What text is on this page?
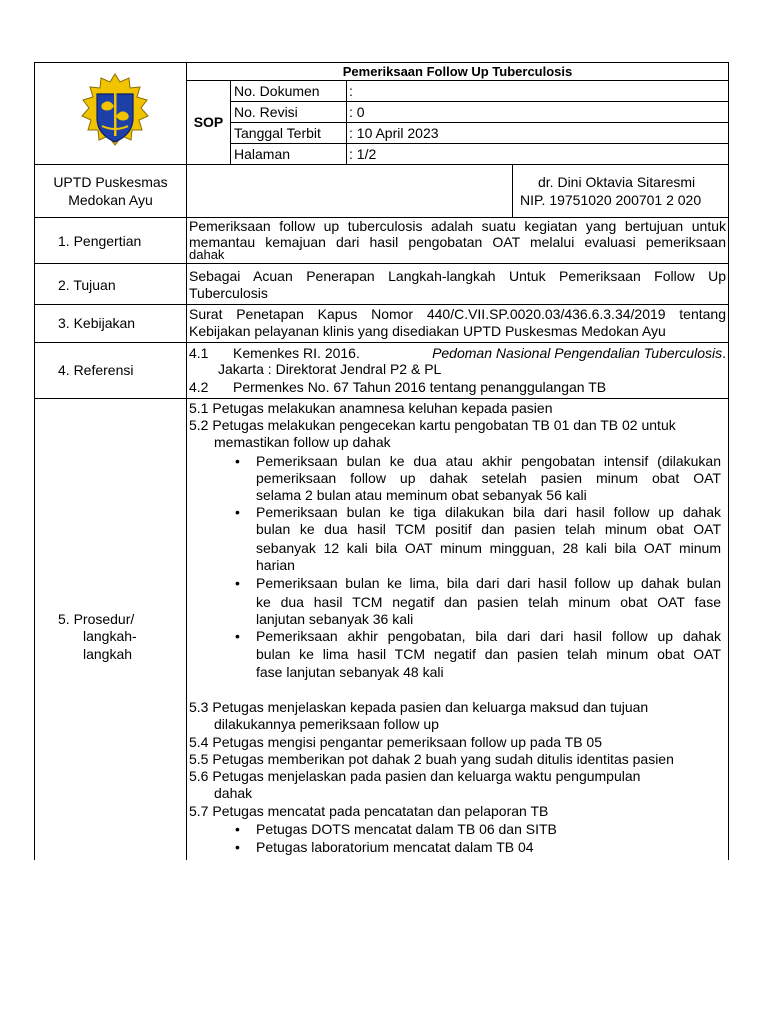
Pemeriksaan Follow Up Tuberculosis
SOP
No. Dokumen :
No. Revisi	: 0
Tanggal Terbit : 10 April 2023
Halaman	: 1/2
UPTD Puskesmas
Medokan Ayu
dr. Dini Oktavia Sitaresmi
NIP. 19751020 200701 2 020
1. Pengertian
Pemeriksaan follow up tuberculosis adalah suatu kegiatan yang bertujuan untuk
memantau kemajuan dari hasil pengobatan OAT melalui evaluasi pemeriksaan
dahak
2. Tujuan
Sebagai Acuan Penerapan Langkah-langkah Untuk Pemeriksaan Follow Up
Tuberculosis
3. Kebijakan
Surat Penetapan Kapus Nomor 440/C.VII.SP.0020.03/436.6.3.34/2019 tentang
Kebijakan pelayanan klinis yang disediakan UPTD Puskesmas Medokan Ayu
4. Referensi
4.1 Kemenkes RI. 2016.	Pedoman Nasional Pengendalian Tuberculosis.
Jakarta : Direktorat Jendral P2 & PL
4.2 Permenkes No. 67 Tahun 2016 tentang penanggulangan TB
5. Prosedur/
langkah-
langkah
5.1 Petugas melakukan anamnesa keluhan kepada pasien
5.2 Petugas melakukan pengecekan kartu pengobatan TB 01 dan TB 02 untuk
memastikan follow up dahak
• Pemeriksaan bulan ke dua atau akhir pengobatan intensif (dilakukan
pemeriksaan follow up dahak setelah pasien minum obat OAT
selama 2 bulan atau meminum obat sebanyak 56 kali
• Pemeriksaan bulan ke tiga dilakukan bila dari hasil follow up dahak
bulan ke dua hasil TCM positif dan pasien telah minum obat OAT
sebanyak 12 kali bila OAT minum mingguan, 28 kali bila OAT minum
harian
• Pemeriksaan bulan ke lima, bila dari dari hasil follow up dahak bulan
ke dua hasil TCM negatif dan pasien telah minum obat OAT fase
lanjutan sebanyak 36 kali
• Pemeriksaan akhir pengobatan, bila dari dari hasil follow up dahak
bulan ke lima hasil TCM negatif dan pasien telah minum obat OAT
fase lanjutan sebanyak 48 kali
5.3 Petugas menjelaskan kepada pasien dan keluarga maksud dan tujuan
dilakukannya pemeriksaan follow up
5.4 Petugas mengisi pengantar pemeriksaan follow up pada TB 05
5.5 Petugas memberikan pot dahak 2 buah yang sudah ditulis identitas pasien
5.6 Petugas menjelaskan pada pasien dan keluarga waktu pengumpulan
dahak
5.7 Petugas mencatat pada pencatatan dan pelaporan TB
• Petugas DOTS mencatat dalam TB 06 dan SITB
• Petugas laboratorium mencatat dalam TB 04
